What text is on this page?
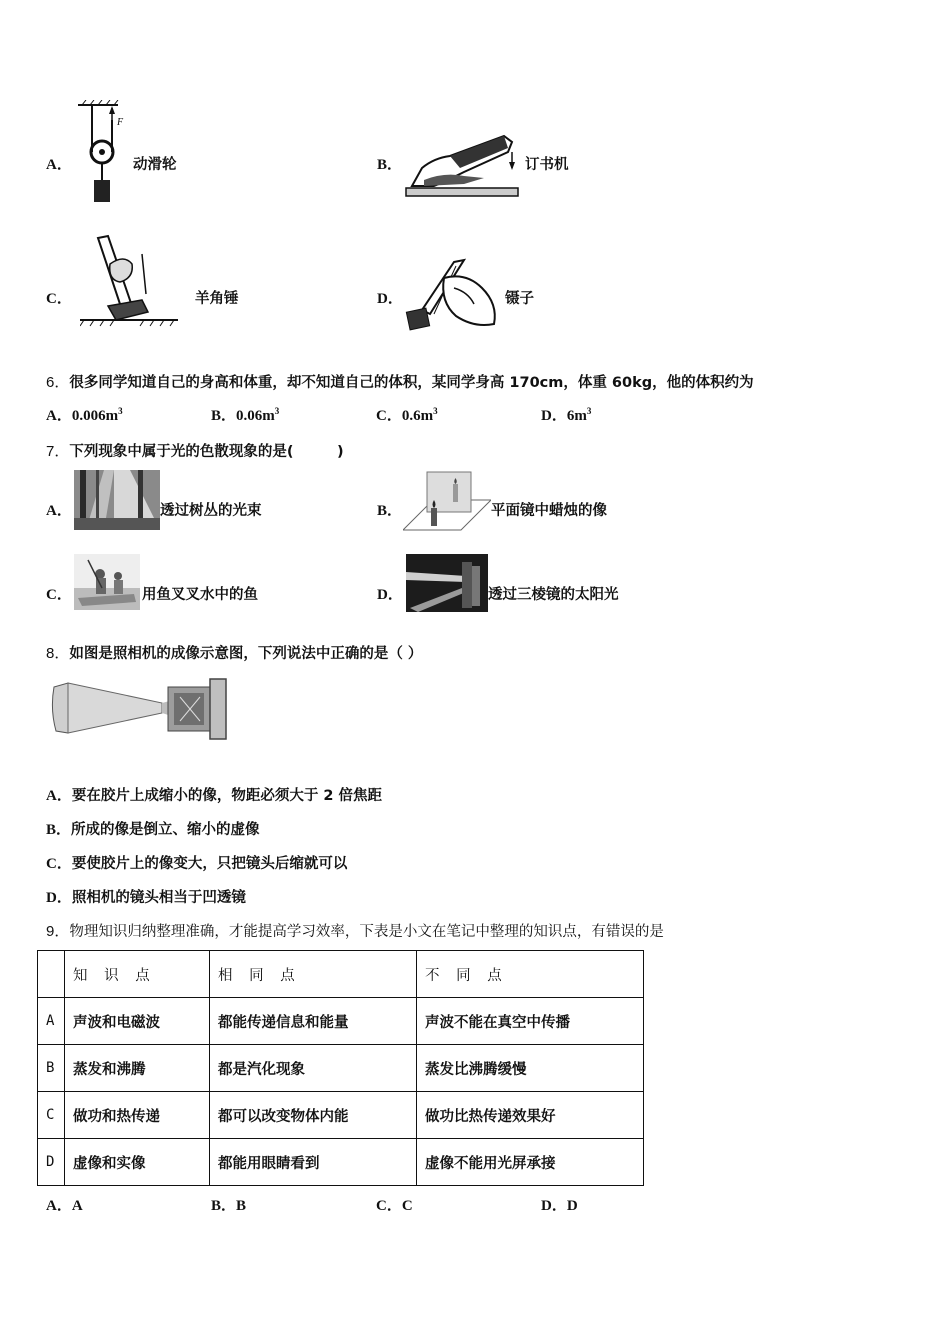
A．
F
动滑轮	B．	订书机
C．	羊角锤	D．	镊子
6．很多同学知道自己的身高和体重，却不知道自己的体积，某同学身高 170cm，体重 60kg，他的体积约为
A．$0.006m^3$	B．$0.06m^3$	C．$0.6m^3$	D．$6m^3$
7．下列现象中属于光的色散现象的是(　　　)
A．	透过树丛的光束	B．	平面镜中蜡烛的像
C．	用鱼叉叉水中的鱼	D．	透过三棱镜的太阳光
8．如图是照相机的成像示意图，下列说法中正确的是（ ）
A．要在胶片上成缩小的像，物距必须大于 2 倍焦距
B．所成的像是倒立、缩小的虚像
C．要使胶片上的像变大，只把镜头后缩就可以
D．照相机的镜头相当于凹透镜
9．物理知识归纳整理准确，才能提高学习效率，下表是小文在笔记中整理的知识点，有错误的是
	知 识 点	相 同 点	不 同 点
A	声波和电磁波	都能传递信息和能量	声波不能在真空中传播
B	蒸发和沸腾	都是汽化现象	蒸发比沸腾缓慢
C	做功和热传递	都可以改变物体内能	做功比热传递效果好
D	虚像和实像	都能用眼睛看到	虚像不能用光屏承接
A．A	B．B	C．C	D．D
